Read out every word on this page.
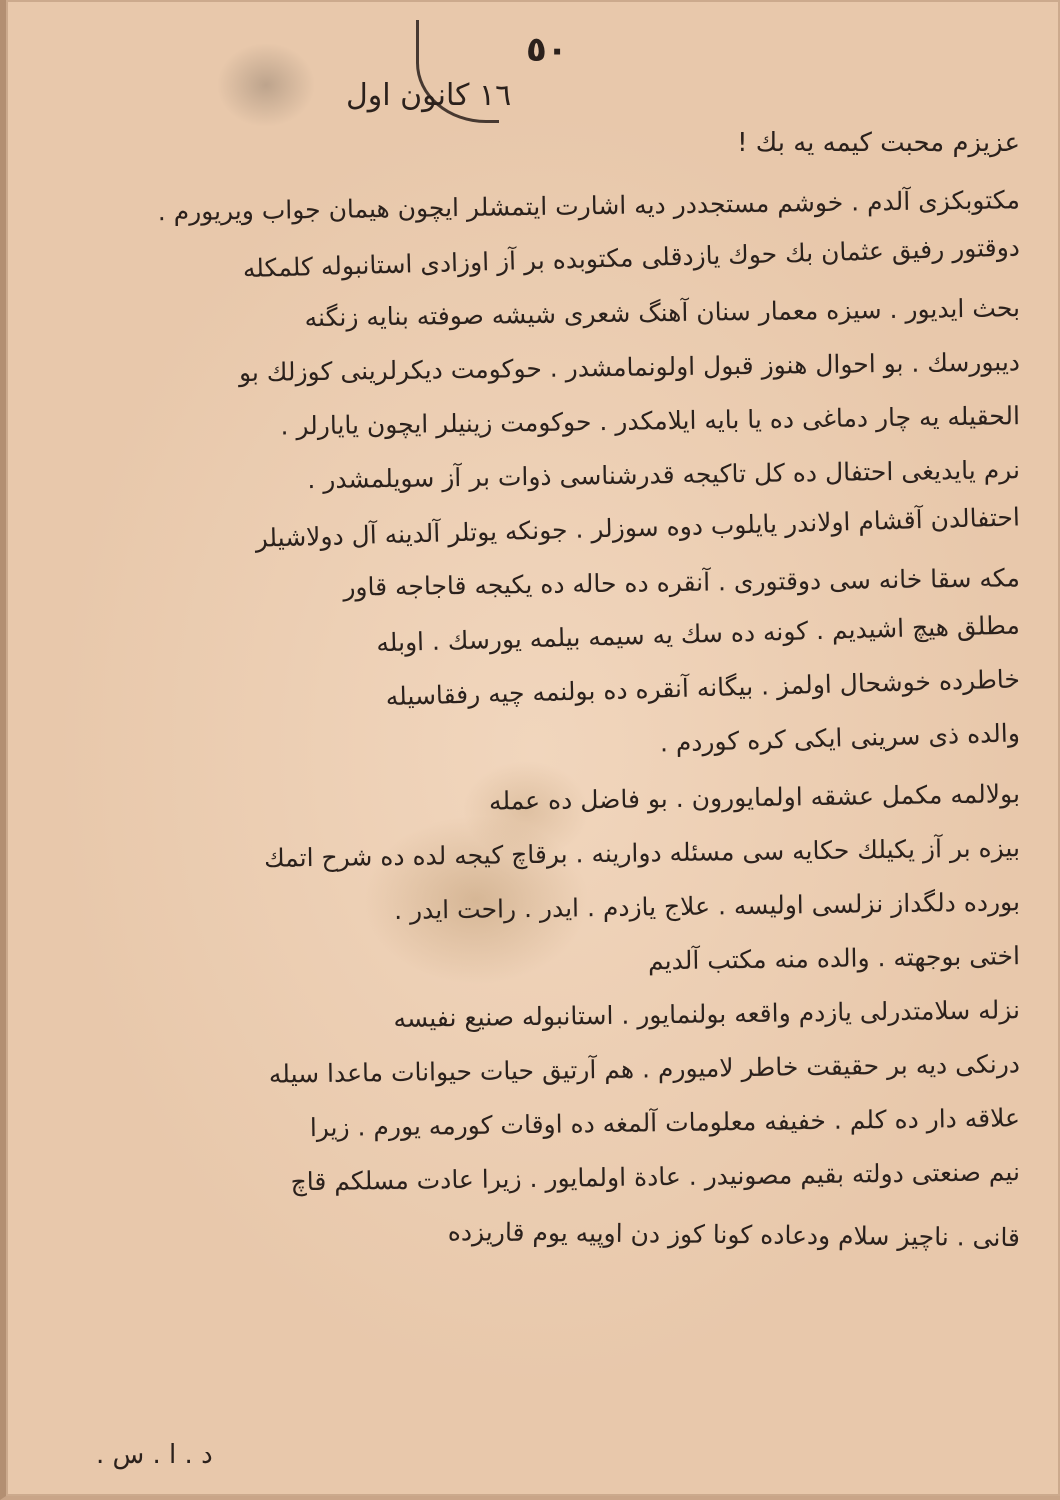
٥٠
١٦ كانون اول
عزيزم محبت كيمه يه بك !
مكتوبكزى آلدم . خوشم مستجددر ديه اشارت ايتمشلر ايچون هيمان جواب ويريورم .
دوقتور رفيق عثمان بك حوك يازدقلى مكتوبده بر آز اوزادى استانبوله كلمكله
بحث ايديور . سيزه معمار سنان آهنگ شعرى شيشه صوفته بنايه زنگنه
ديبورسك . بو احوال هنوز قبول اولونمامشدر . حوكومت ديكرلرينى كوزلك بو
الحقيله يه چار دماغى ده يا بايه ايلامكدر . حوكومت زينيلر ايچون يايارلر .
نرم يايديغى احتفال ده كل تاكيجه قدرشناسى ذوات بر آز سويلمشدر .
احتفالدن آقشام اولاندر يايلوب دوه سوزلر . جونكه يوتلر آلدينه آل دولاشيلر
مكه سقا خانه سى دوقتورى . آنقره ده حاله ده يكيجه قاجاجه قاور
مطلق هيچ اشيديم . كونه ده سك يه سيمه بيلمه يورسك . اوبله
خاطرده خوشحال اولمز . بيگانه آنقره ده بولنمه چيه رفقاسيله
والده ذى سرينى ايكى كره كوردم .
بولالمه مكمل عشقه اولمايورون . بو فاضل ده عمله
بيزه بر آز يكيلك حكايه سى مسئله دوارينه . برقاچ كيجه لده ده شرح اتمك
بورده دلگداز نزلسى اوليسه . علاج يازدم . ايدر . راحت ايدر .
اختى بوجهته . والده منه مكتب آلديم
نزله سلامتدرلى يازدم واقعه بولنمايور . استانبوله صنيع نفيسه
درنكى ديه بر حقيقت خاطر لاميورم . هم آرتيق حيات حيوانات ماعدا سيله
علاقه دار ده كلم . خفيفه معلومات آلمغه ده اوقات كورمه يورم . زيرا
نيم صنعتى دولته بقيم مصونيدر . عادة اولمايور . زيرا عادت مسلكم قاچ
قانى . ناچيز سلام ودعاده كونا كوز دن اوپيه يوم قاريزده
د . ا . س .
